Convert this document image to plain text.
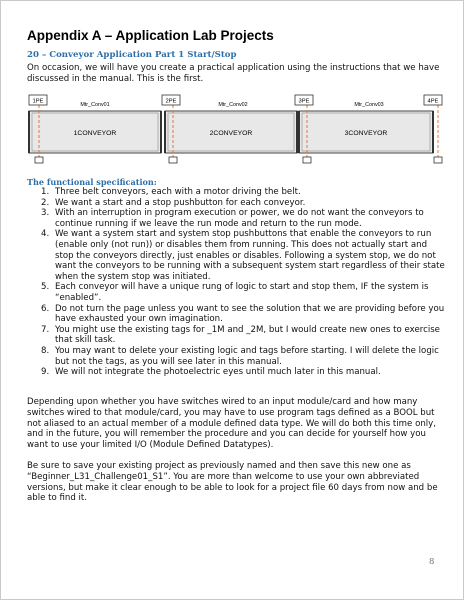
Appendix A – Application Lab Projects
20 – Conveyor Application Part 1 Start/Stop

On occasion, we will have you create a practical application using the instructions that we have discussed in the manual. This is the first.

1PE	2PE	3PE	4PE
Mtr_Conv01	Mtr_Conv02	Mtr_Conv03
1CONVEYOR	2CONVEYOR	3CONVEYOR
The functional specification:
1. Three belt conveyors, each with a motor driving the belt.
2. We want a start and a stop pushbutton for each conveyor.
3. With an interruption in program execution or power, we do not want the conveyors to continue running if we leave the run mode and return to the run mode.
4. We want a system start and system stop pushbuttons that enable the conveyors to run (enable only (not run)) or disables them from running. This does not actually start and stop the conveyors directly, just enables or disables. Following a system stop, we do not want the conveyors to be running with a subsequent system start regardless of their state when the system stop was initiated.
5. Each conveyor will have a unique rung of logic to start and stop them, IF the system is “enabled”.
6. Do not turn the page unless you want to see the solution that we are providing before you have exhausted your own imagination.
7. You might use the existing tags for _1M and _2M, but I would create new ones to exercise that skill task.
8. You may want to delete your existing logic and tags before starting. I will delete the logic but not the tags, as you will see later in this manual.
9. We will not integrate the photoelectric eyes until much later in this manual.

Depending upon whether you have switches wired to an input module/card and how many switches wired to that module/card, you may have to use program tags defined as a BOOL but not aliased to an actual member of a module defined data type. We will do both this time only, and in the future, you will remember the procedure and you can decide for yourself how you want to use your limited I/O (Module Defined Datatypes).

Be sure to save your existing project as previously named and then save this new one as “Beginner_L31_Challenge01_S1”. You are more than welcome to use your own abbreviated versions, but make it clear enough to be able to look for a project file 60 days from now and be able to find it.

8
